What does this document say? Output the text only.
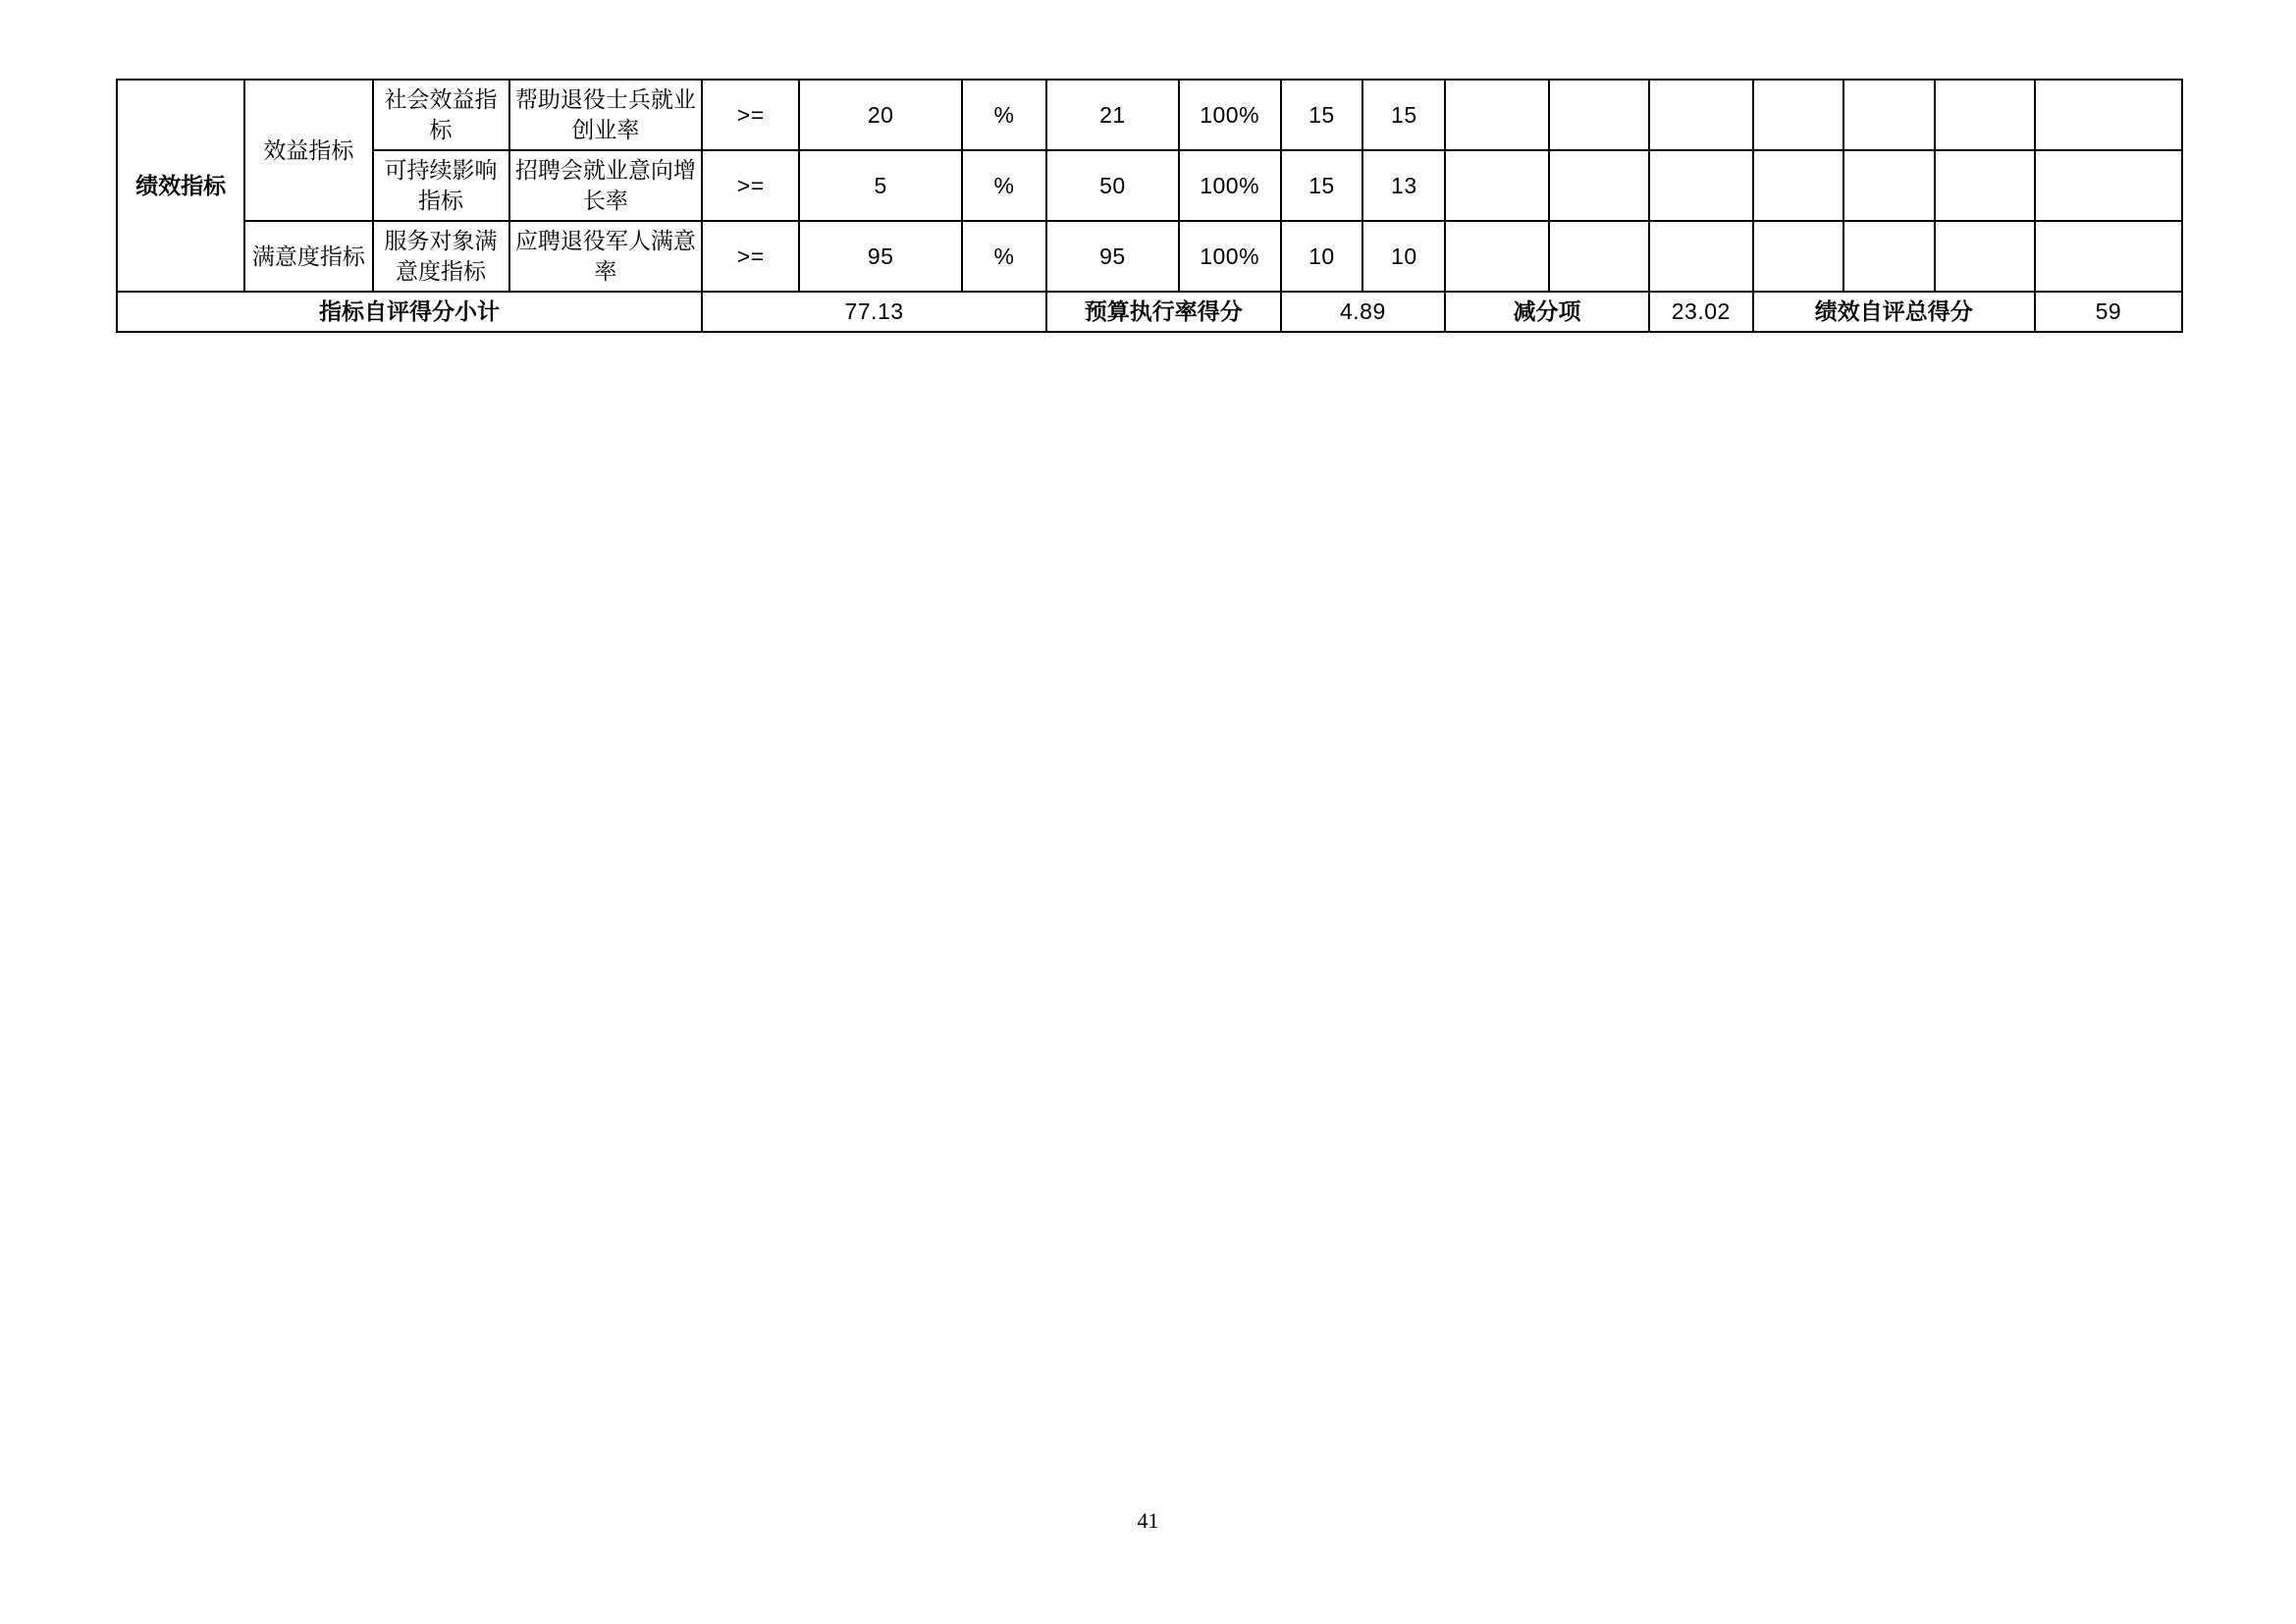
绩效指标	效益指标	社会效益指标	帮助退役士兵就业创业率	>=	20	%	21	100%	15	15							
		可持续影响指标	招聘会就业意向增长率	>=	5	%	50	100%	15	13							
	满意度指标	服务对象满意度指标	应聘退役军人满意率	>=	95	%	95	100%	10	10							
指标自评得分小计				77.13			预算执行率得分		4.89		减分项		23.02	绩效自评总得分			59
41
